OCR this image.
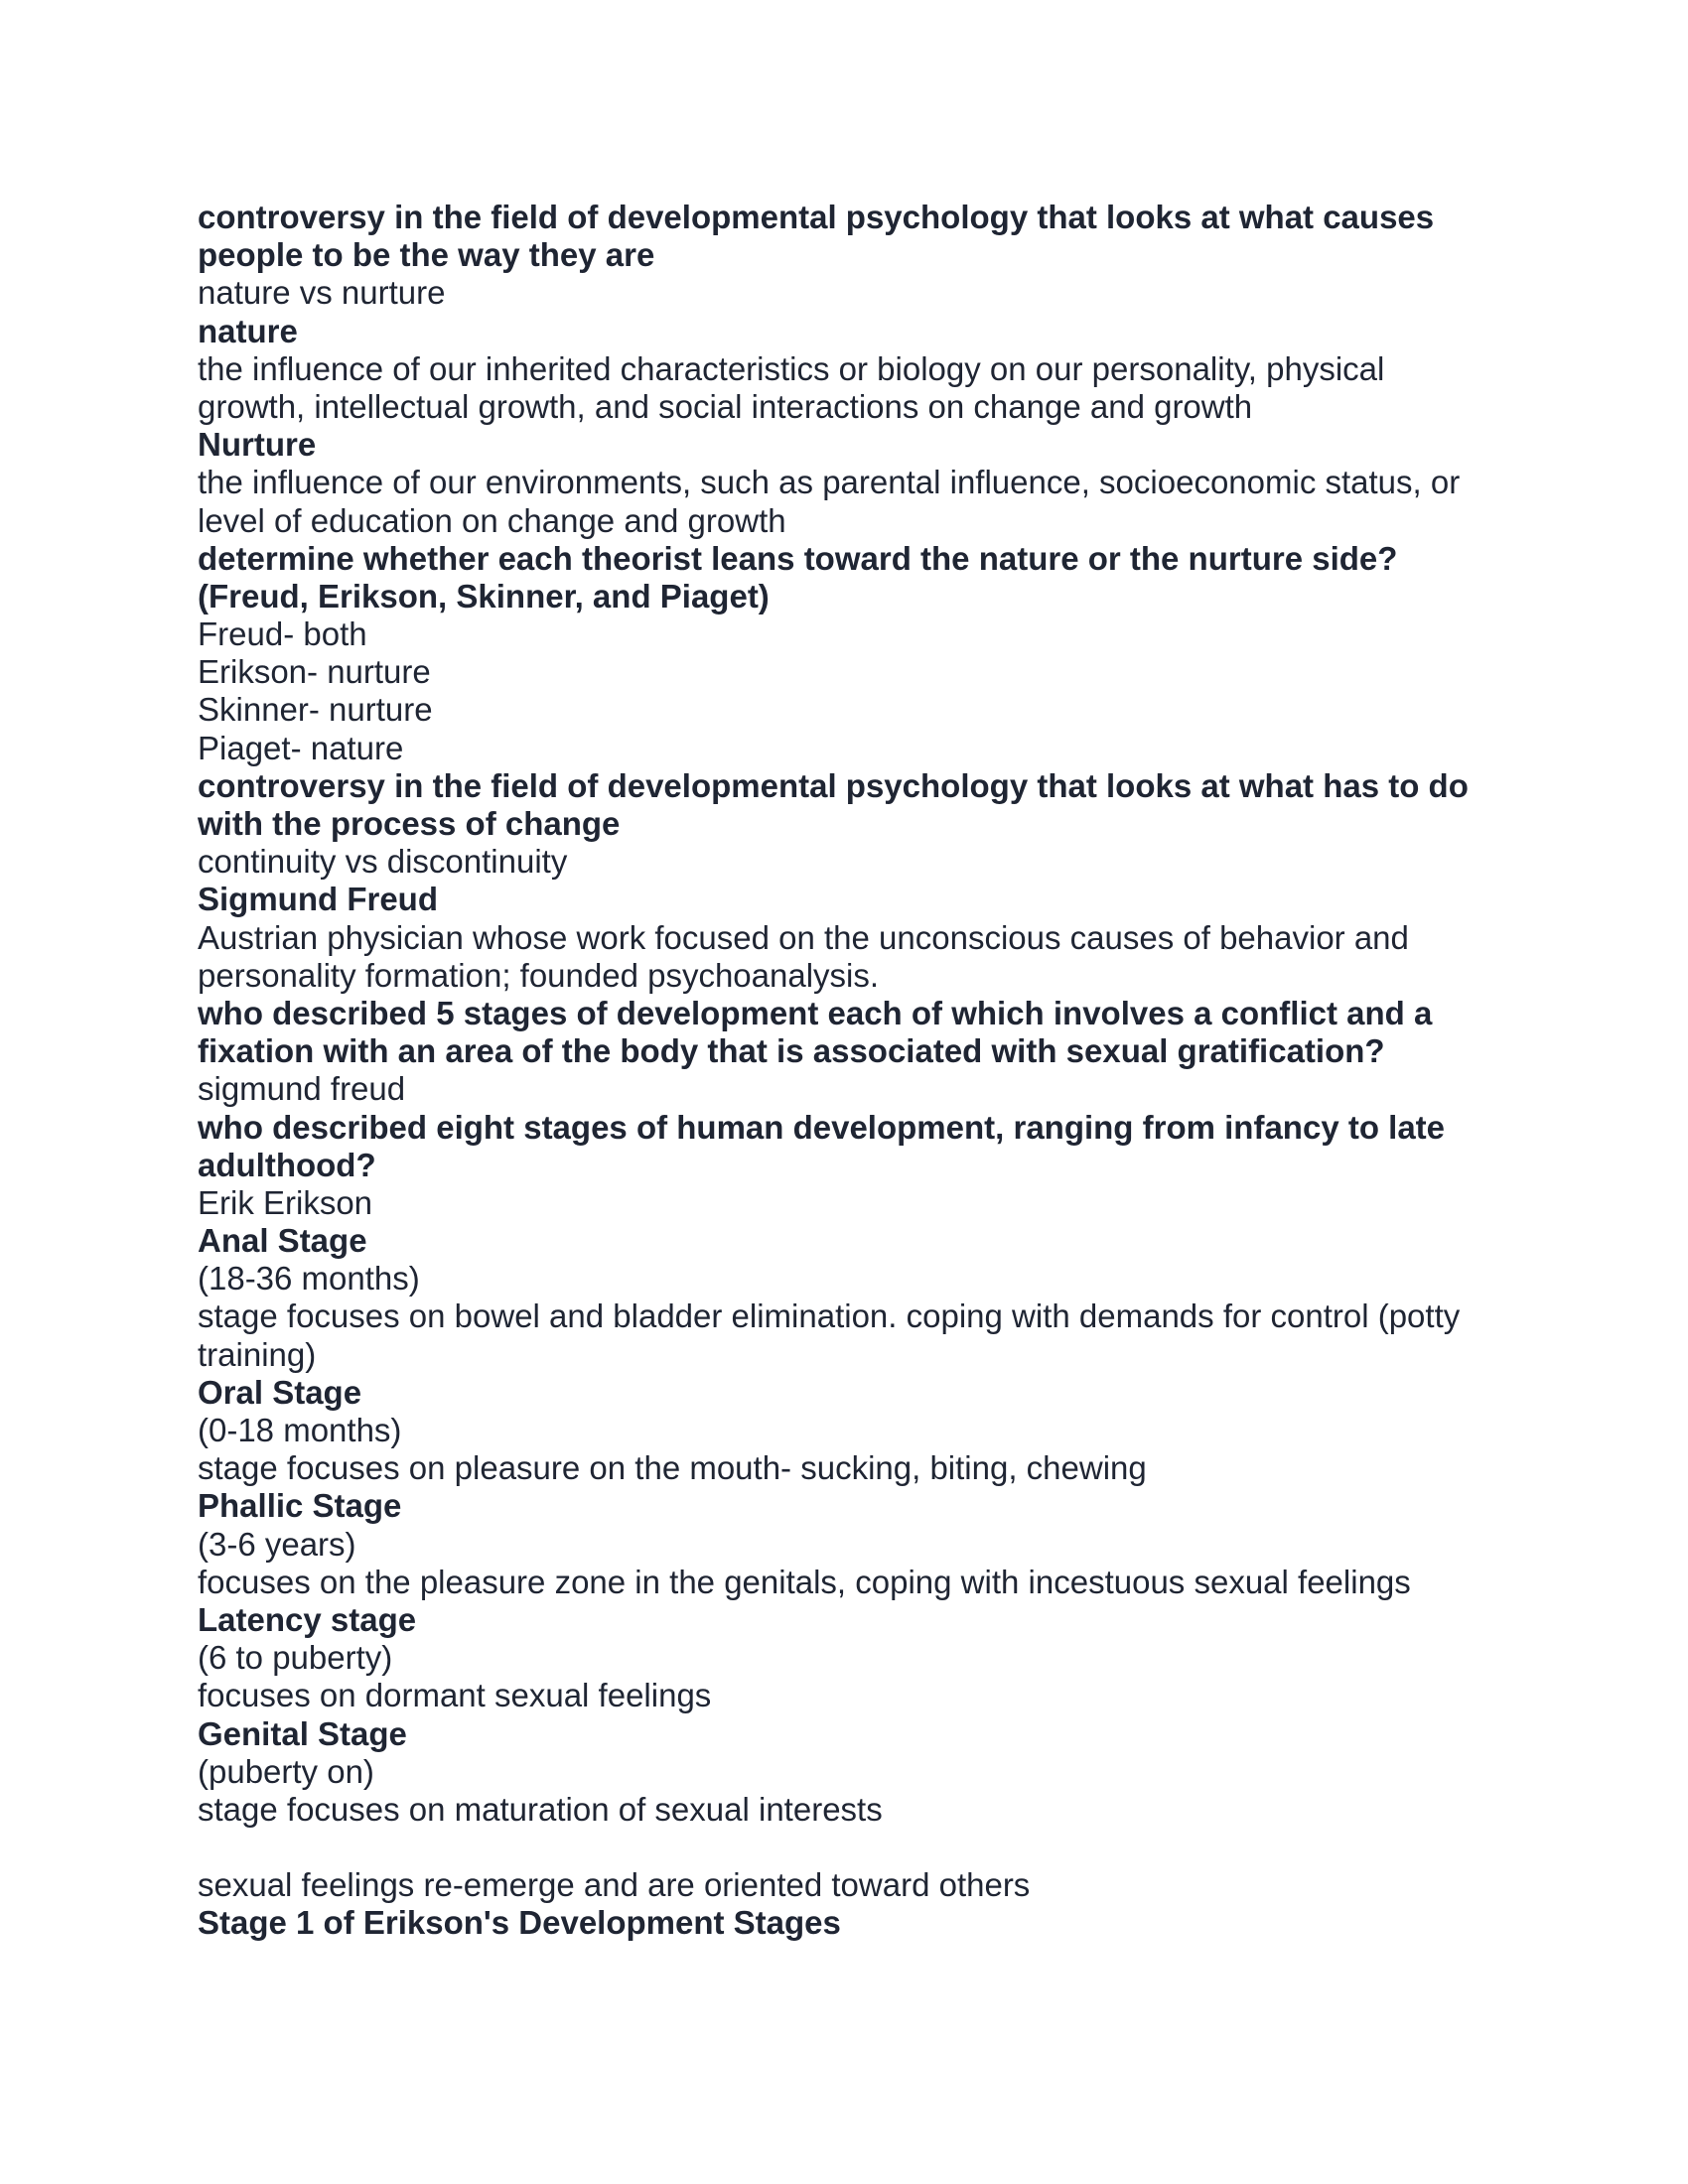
controversy in the field of developmental psychology that looks at what causes
people to be the way they are
nature vs nurture
nature
the influence of our inherited characteristics or biology on our personality, physical
growth, intellectual growth, and social interactions on change and growth
Nurture
the influence of our environments, such as parental influence, socioeconomic status, or
level of education on change and growth
determine whether each theorist leans toward the nature or the nurture side?
(Freud, Erikson, Skinner, and Piaget)
Freud- both
Erikson- nurture
Skinner- nurture
Piaget- nature
controversy in the field of developmental psychology that looks at what has to do
with the process of change
continuity vs discontinuity
Sigmund Freud
Austrian physician whose work focused on the unconscious causes of behavior and
personality formation; founded psychoanalysis.
who described 5 stages of development each of which involves a conflict and a
fixation with an area of the body that is associated with sexual gratification?
sigmund freud
who described eight stages of human development, ranging from infancy to late
adulthood?
Erik Erikson
Anal Stage
(18-36 months)
stage focuses on bowel and bladder elimination. coping with demands for control (potty
training)
Oral Stage
(0-18 months)
stage focuses on pleasure on the mouth- sucking, biting, chewing
Phallic Stage
(3-6 years)
focuses on the pleasure zone in the genitals, coping with incestuous sexual feelings
Latency stage
(6 to puberty)
focuses on dormant sexual feelings
Genital Stage
(puberty on)
stage focuses on maturation of sexual interests
sexual feelings re-emerge and are oriented toward others
Stage 1 of Erikson's Development Stages
